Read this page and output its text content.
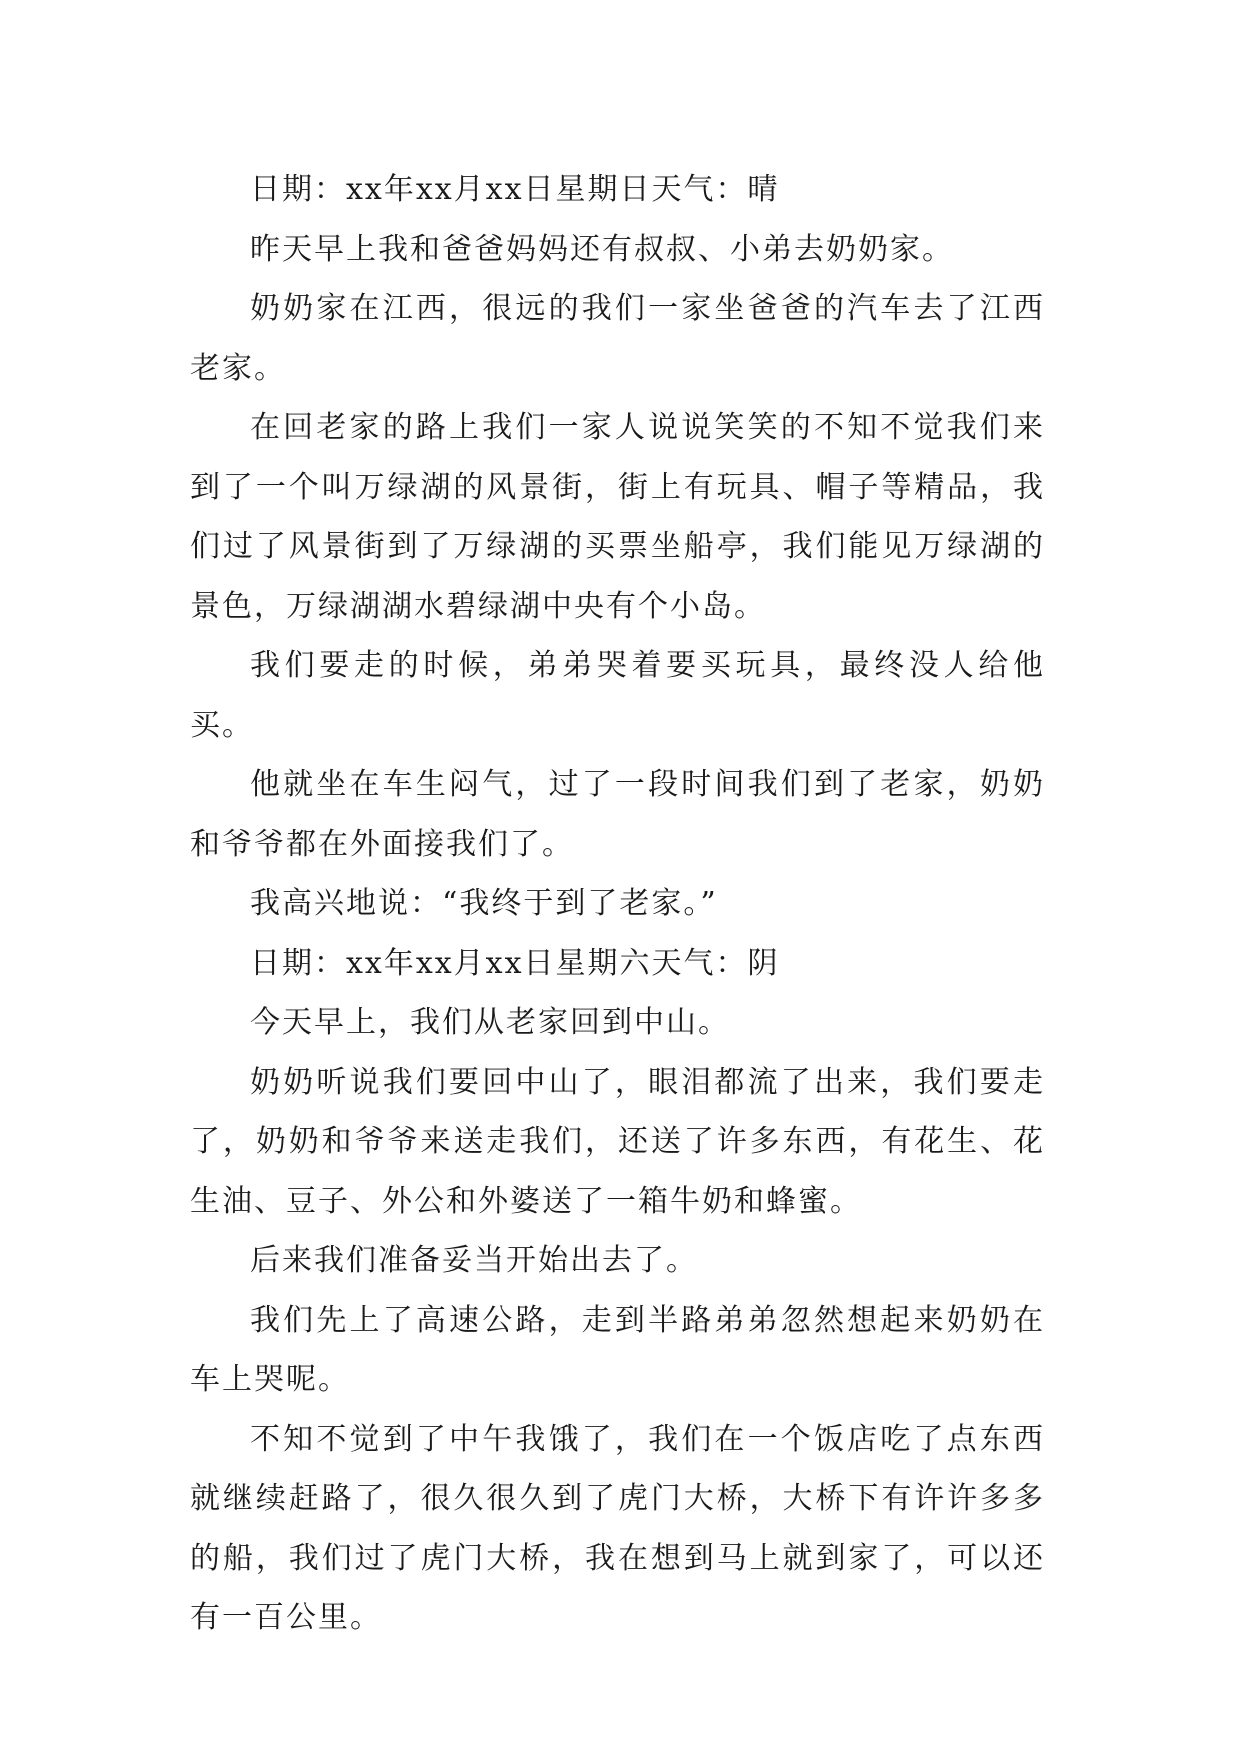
日期：xx年xx月xx日星期日天气：晴

昨天早上我和爸爸妈妈还有叔叔、小弟去奶奶家。

奶奶家在江西，很远的我们一家坐爸爸的汽车去了江西老家。

在回老家的路上我们一家人说说笑笑的不知不觉我们来到了一个叫万绿湖的风景街，街上有玩具、帽子等精品，我们过了风景街到了万绿湖的买票坐船亭，我们能见万绿湖的景色，万绿湖湖水碧绿湖中央有个小岛。

我们要走的时候，弟弟哭着要买玩具，最终没人给他买。

他就坐在车生闷气，过了一段时间我们到了老家，奶奶和爷爷都在外面接我们了。

我高兴地说：“我终于到了老家。”

日期：xx年xx月xx日星期六天气：阴

今天早上，我们从老家回到中山。

奶奶听说我们要回中山了，眼泪都流了出来，我们要走了，奶奶和爷爷来送走我们，还送了许多东西，有花生、花生油、豆子、外公和外婆送了一箱牛奶和蜂蜜。

后来我们准备妥当开始出去了。

我们先上了高速公路，走到半路弟弟忽然想起来奶奶在车上哭呢。

不知不觉到了中午我饿了，我们在一个饭店吃了点东西就继续赶路了，很久很久到了虎门大桥，大桥下有许许多多的船，我们过了虎门大桥，我在想到马上就到家了，可以还有一百公里。
